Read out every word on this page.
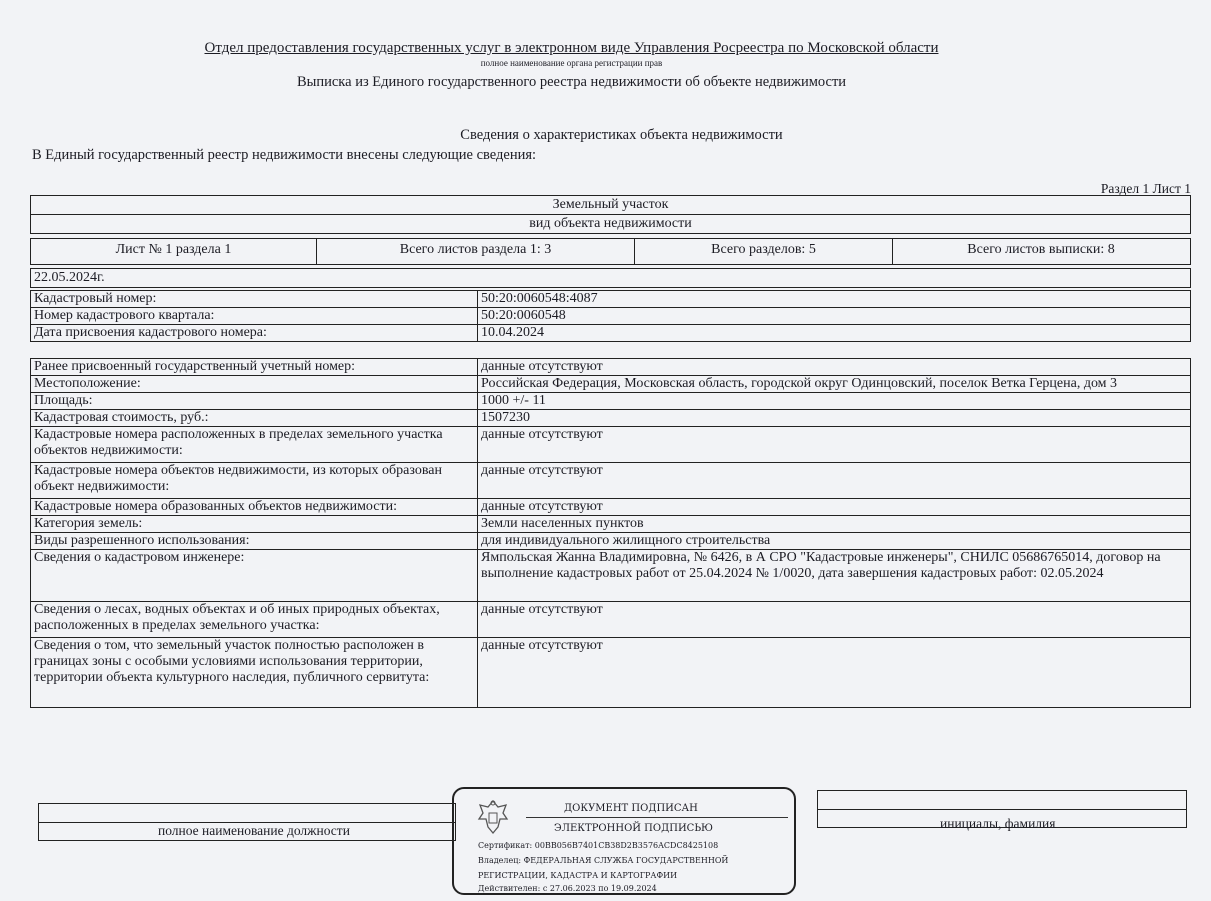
Отдел предоставления государственных услуг в электронном виде Управления Росреестра по Московской области
полное наименование органа регистрации прав
Выписка из Единого государственного реестра недвижимости об объекте недвижимости
Сведения о характеристиках объекта недвижимости
В Единый государственный реестр недвижимости внесены следующие сведения:
Раздел 1 Лист 1
Земельный участок
вид объекта недвижимости
Лист № 1 раздела 1	Всего листов раздела 1: 3	Всего разделов: 5	Всего листов выписки: 8
22.05.2024г.
Кадастровый номер:	50:20:0060548:4087
Номер кадастрового квартала:	50:20:0060548
Дата присвоения кадастрового номера:	10.04.2024
Ранее присвоенный государственный учетный номер:	данные отсутствуют
Местоположение:	Российская Федерация, Московская область, городской округ Одинцовский, поселок Ветка Герцена, дом 3
Площадь:	1000 +/- 11
Кадастровая стоимость, руб.:	1507230
Кадастровые номера расположенных в пределах земельного участка объектов недвижимости:	данные отсутствуют
Кадастровые номера объектов недвижимости, из которых образован объект недвижимости:	данные отсутствуют
Кадастровые номера образованных объектов недвижимости:	данные отсутствуют
Категория земель:	Земли населенных пунктов
Виды разрешенного использования:	для индивидуального жилищного строительства
Сведения о кадастровом инженере:	Ямпольская Жанна Владимировна, № 6426, в А СРО "Кадастровые инженеры", СНИЛС 05686765014, договор на выполнение кадастровых работ от 25.04.2024 № 1/0020, дата завершения кадастровых работ: 02.05.2024
Сведения о лесах, водных объектах и об иных природных объектах, расположенных в пределах земельного участка:	данные отсутствуют
Сведения о том, что земельный участок полностью расположен в границах зоны с особыми условиями использования территории, территории объекта культурного наследия, публичного сервитута:	данные отсутствуют
полное наименование должности	инициалы, фамилия
ДОКУМЕНТ ПОДПИСАН
ЭЛЕКТРОННОЙ ПОДПИСЬЮ
Сертификат: 00BB056B7401CB38D2B3576ACDC8425108
Владелец: ФЕДЕРАЛЬНАЯ СЛУЖБА ГОСУДАРСТВЕННОЙ
РЕГИСТРАЦИИ, КАДАСТРА И КАРТОГРАФИИ
Действителен: с 27.06.2023 по 19.09.2024
